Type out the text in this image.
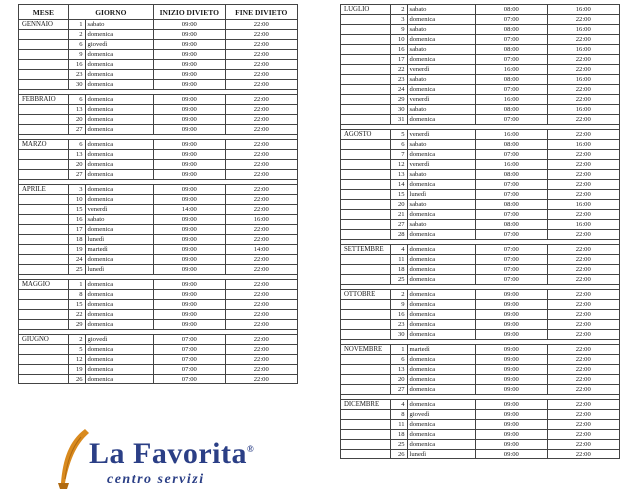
MESE	GIORNO	INIZIO DIVIETO	FINE DIVIETO
GENNAIO	1 sabato	09:00	22:00
2 domenica	09:00	22:00
6 giovedì	09:00	22:00
9 domenica	09:00	22:00
16 domenica	09:00	22:00
23 domenica	09:00	22:00
30 domenica	09:00	22:00
FEBBRAIO	6 domenica	09:00	22:00
13 domenica	09:00	22:00
20 domenica	09:00	22:00
27 domenica	09:00	22:00
MARZO	6 domenica	09:00	22:00
13 domenica	09:00	22:00
20 domenica	09:00	22:00
27 domenica	09:00	22:00
APRILE	3 domenica	09:00	22:00
10 domenica	09:00	22:00
15 venerdì	14:00	22:00
16 sabato	09:00	16:00
17 domenica	09:00	22:00
18 lunedì	09:00	22:00
19 martedì	09:00	14:00
24 domenica	09:00	22:00
25 lunedì	09:00	22:00
MAGGIO	1 domenica	09:00	22:00
8 domenica	09:00	22:00
15 domenica	09:00	22:00
22 domenica	09:00	22:00
29 domenica	09:00	22:00
GIUGNO	2 giovedì	07:00	22:00
5 domenica	07:00	22:00
12 domenica	07:00	22:00
19 domenica	07:00	22:00
26 domenica	07:00	22:00
LUGLIO	2 sabato	08:00	16:00
3 domenica	07:00	22:00
9 sabato	08:00	16:00
10 domenica	07:00	22:00
16 sabato	08:00	16:00
17 domenica	07:00	22:00
22 venerdì	16:00	22:00
23 sabato	08:00	16:00
24 domenica	07:00	22:00
29 venerdì	16:00	22:00
30 sabato	08:00	16:00
31 domenica	07:00	22:00
AGOSTO	5 venerdì	16:00	22:00
6 sabato	08:00	16:00
7 domenica	07:00	22:00
12 venerdì	16:00	22:00
13 sabato	08:00	22:00
14 domenica	07:00	22:00
15 lunedì	07:00	22:00
20 sabato	08:00	16:00
21 domenica	07:00	22:00
27 sabato	08:00	16:00
28 domenica	07:00	22:00
SETTEMBRE	4 domenica	07:00	22:00
11 domenica	07:00	22:00
18 domenica	07:00	22:00
25 domenica	07:00	22:00
OTTOBRE	2 domenica	09:00	22:00
9 domenica	09:00	22:00
16 domenica	09:00	22:00
23 domenica	09:00	22:00
30 domenica	09:00	22:00
NOVEMBRE	1 martedì	09:00	22:00
6 domenica	09:00	22:00
13 domenica	09:00	22:00
20 domenica	09:00	22:00
27 domenica	09:00	22:00
DICEMBRE	4 domenica	09:00	22:00
8 giovedì	09:00	22:00
11 domenica	09:00	22:00
18 domenica	09:00	22:00
25 domenica	09:00	22:00
26 lunedì	09:00	22:00
La Favorita®
centro servizi
